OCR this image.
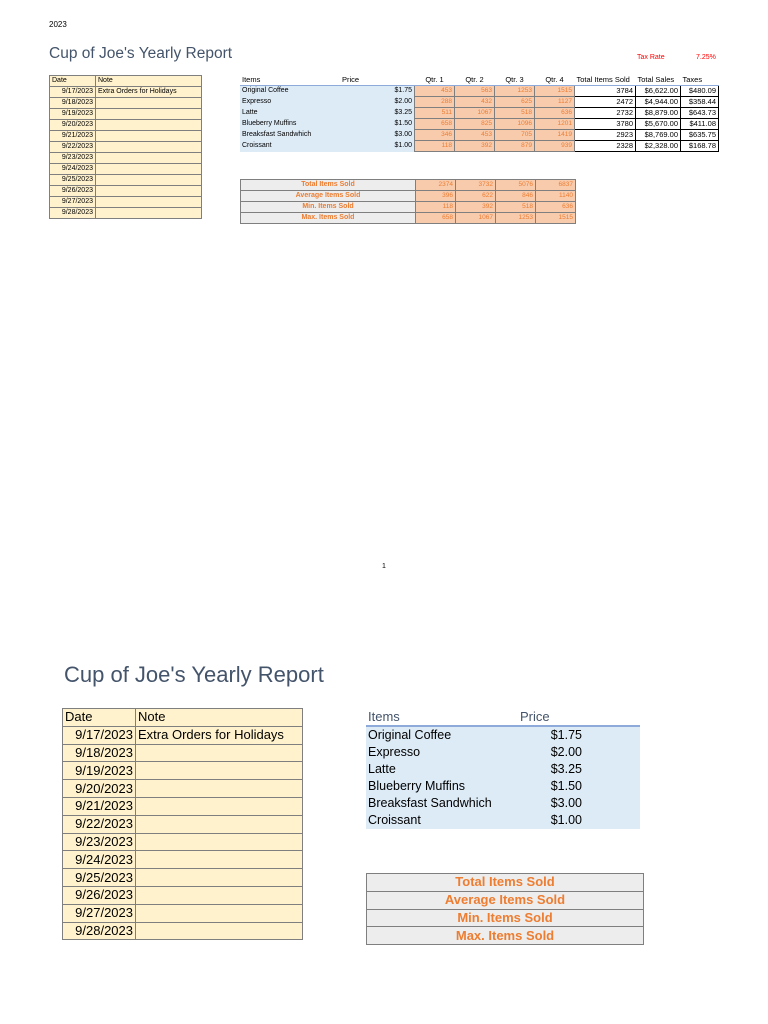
2023
Cup of Joe's Yearly Report	Tax Rate	7.25%
Date	Note
9/17/2023	Extra Orders for Holidays
9/18/2023	
9/19/2023	
9/20/2023	
9/21/2023	
9/22/2023	
9/23/2023	
9/24/2023	
9/25/2023	
9/26/2023	
9/27/2023	
9/28/2023	
Items	Price	Qtr. 1	Qtr. 2	Qtr. 3	Qtr. 4	Total Items Sold	Total Sales	Taxes
Original Coffee	$1.75	453	563	1253	1515	3784	$6,622.00	$480.09
Expresso	$2.00	288	432	625	1127	2472	$4,944.00	$358.44
Latte	$3.25	511	1067	518	636	2732	$8,879.00	$643.73
Blueberry Muffins	$1.50	658	825	1096	1201	3780	$5,670.00	$411.08
Breaksfast Sandwhich	$3.00	346	453	705	1419	2923	$8,769.00	$635.75
Croissant	$1.00	118	392	879	939	2328	$2,328.00	$168.78
Total Items Sold	2374	3732	5076	6837
Average Items Sold	396	622	846	1140
Min. Items Sold	118	392	518	636
Max. Items Sold	658	1067	1253	1515
1
Cup of Joe's Yearly Report
Date	Note
9/17/2023	Extra Orders for Holidays
9/18/2023	
9/19/2023	
9/20/2023	
9/21/2023	
9/22/2023	
9/23/2023	
9/24/2023	
9/25/2023	
9/26/2023	
9/27/2023	
9/28/2023	
Items	Price
Original Coffee	$1.75
Expresso	$2.00
Latte	$3.25
Blueberry Muffins	$1.50
Breaksfast Sandwhich	$3.00
Croissant	$1.00
Total Items Sold
Average Items Sold
Min. Items Sold
Max. Items Sold
